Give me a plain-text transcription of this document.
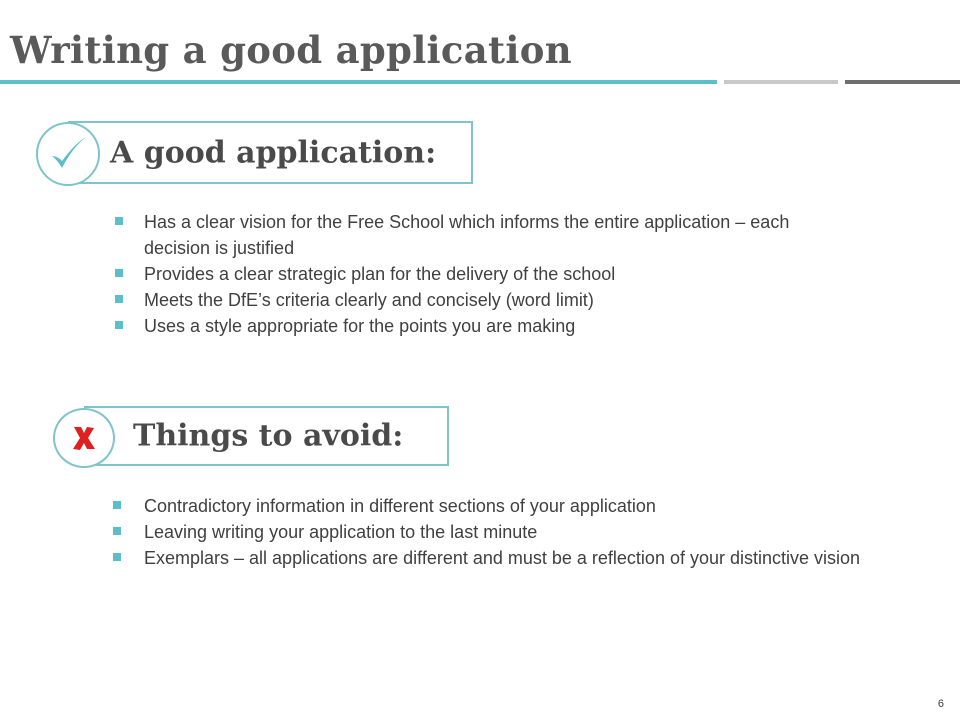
Writing a good application
A good application:
Has a clear vision for the Free School which informs the entire application – each decision is justified
Provides a clear strategic plan for the delivery of the school
Meets the DfE’s criteria clearly and concisely (word limit)
Uses a style appropriate for the points you are making
Things to avoid:
Contradictory information in different sections of your application
Leaving writing your application to the last minute
Exemplars – all applications are different and must be a reflection of your distinctive vision
6
